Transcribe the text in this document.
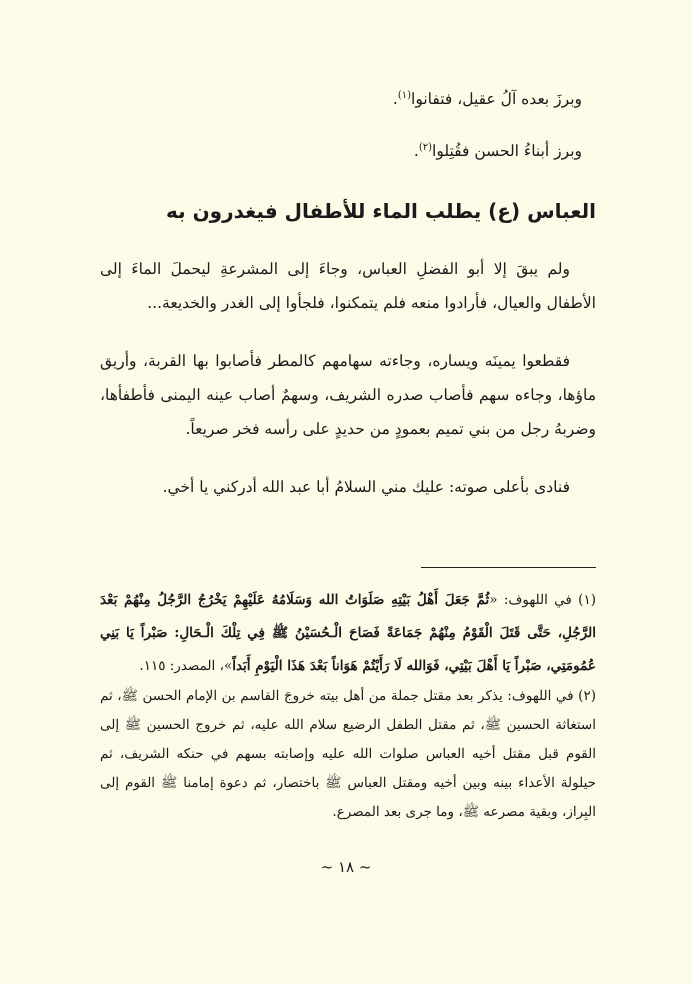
وبرزَ بعده آلُ عقيل، فتفانوا$^{(١)}$.
وبرز أبناءُ الحسن فقُتِلوا$^{(٢)}$.
العباس (ع) يطلب الماء للأطفال فيغدرون به

ولم يبقَ إلا أبو الفضلِ العباس، وجاءَ إلى المشرعةِ ليحملَ الماءَ إلى الأطفال والعيال، فأرادوا منعه فلم يتمكنوا، فلجأوا إلى الغدر والخديعة...

فقطعوا يمينَه ويساره، وجاءته سهامهم كالمطر فأصابوا بها القربة، وأريق ماؤها، وجاءه سهم فأصاب صدره الشريف، وسهمٌ أصاب عينه اليمنى فأطفأها، وضربهُ رجل من بني تميم بعمودٍ من حديدٍ على رأسه فخر صريعاً.

فنادى بأعلى صوته: عليك مني السلامُ أبا عبد الله أدركني يا أخي.

(١) في اللهوف: «ثُمَّ جَعَلَ أَهْلُ بَيْتِهِ صَلَوَاتُ الله وَسَلَامُهُ عَلَيْهِمْ يَخْرُجُ الرَّجُلُ مِنْهُمْ بَعْدَ الرَّجُلِ، حَتَّى قَتَلَ الْقَوْمُ مِنْهُمْ جَمَاعَةً فَصَاحَ الْـحُسَيْنُ ﷺ فِي تِلْكَ الْـحَالِ: صَبْراً يَا بَنِي عُمُومَتِي، صَبْراً يَا أَهْلَ بَيْتِي، فَوَالله لَا رَأَيْتُمْ هَوَاناً بَعْدَ هَذَا الْيَوْمِ أَبَداً»، المصدر: ١١٥.

(٢) في اللهوف: يذكر بعد مقتل جملة من أهل بيته خروجَ القاسم بن الإمام الحسن ﷺ، ثم استغاثة الحسين ﷺ، ثم مقتل الطفل الرضيع سلام الله عليه، ثم خروج الحسين ﷺ إلى القوم قبل مقتل أخيه العباس صلوات الله عليه وإصابته بسهم في حنكه الشريف، ثم حيلولة الأعداء بينه وبين أخيه ومقتل العباس ﷺ باختصار، ثم دعوة إمامنا ﷺ القوم إلى البِراز، وبقية مصرعه ﷺ، وما جرى بعد المصرع.

~ ١٨ ~
